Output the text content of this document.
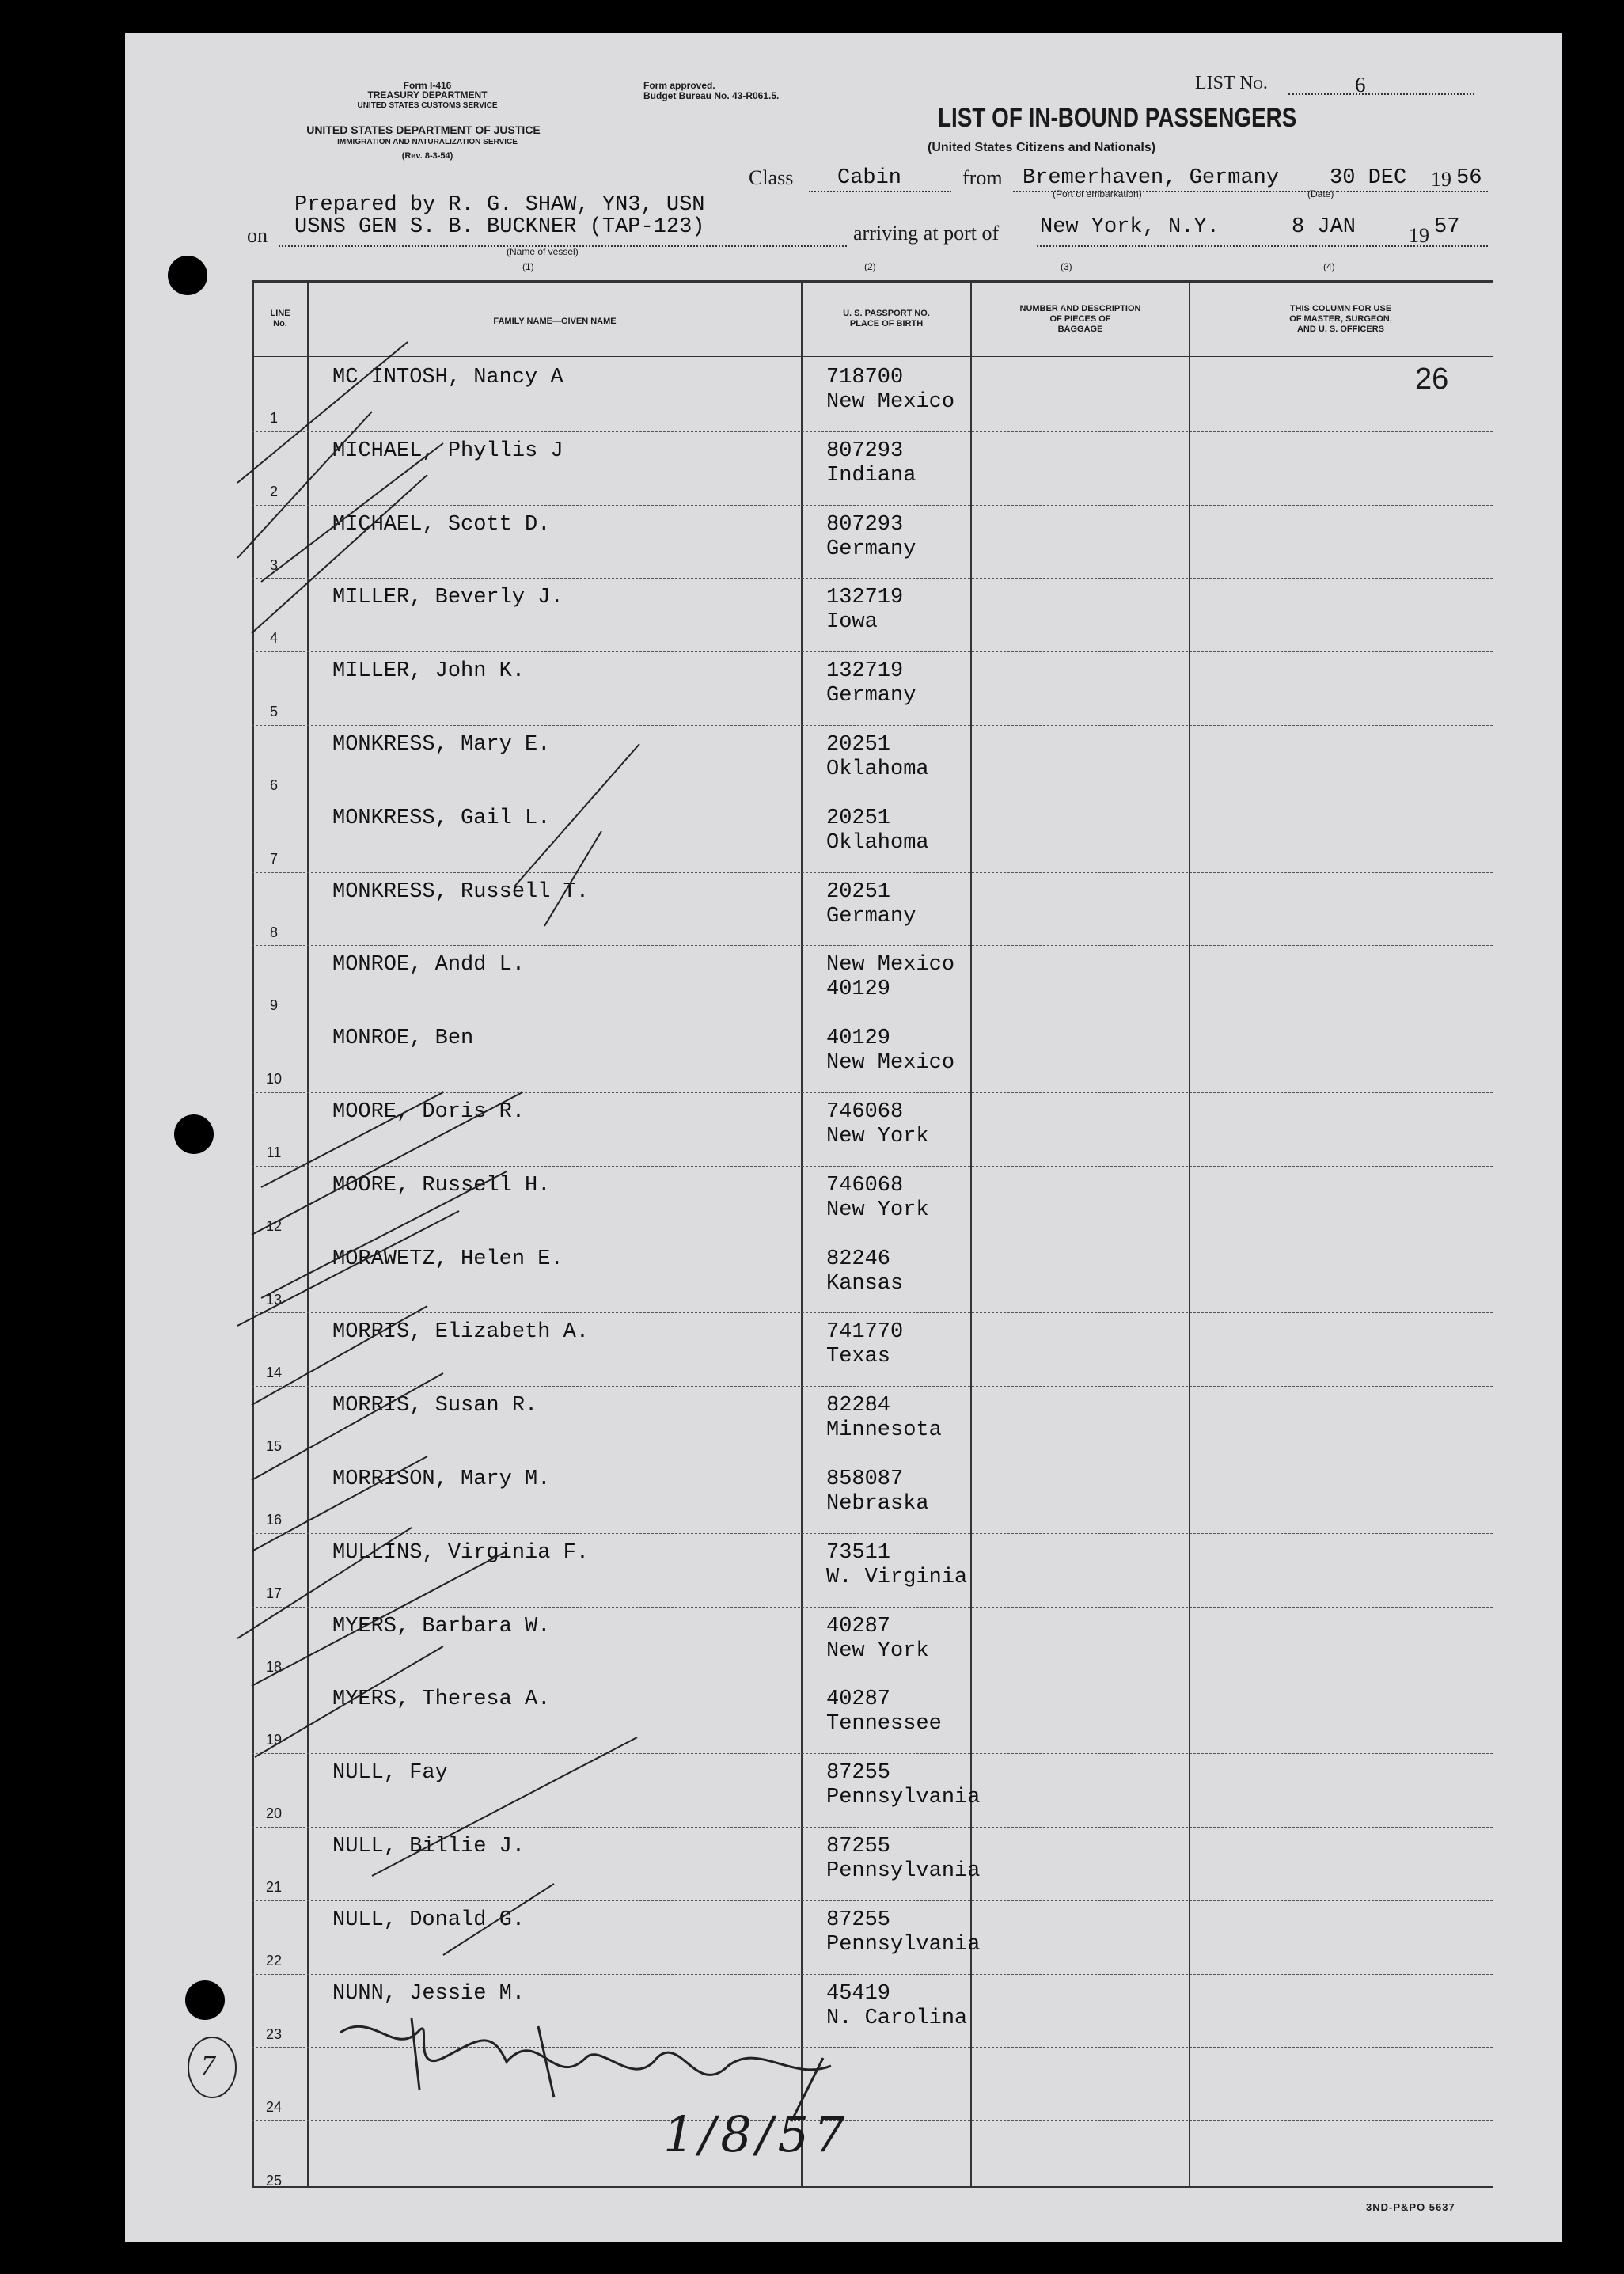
Form I-416
TREASURY DEPARTMENT
UNITED STATES CUSTOMS SERVICE
UNITED STATES DEPARTMENT OF JUSTICE
IMMIGRATION AND NATURALIZATION SERVICE
(Rev. 8-3-54)
Form approved.
Budget Bureau No. 43-R061.5.
LIST No.	6
LIST OF IN-BOUND PASSENGERS
(United States Citizens and Nationals)
Class Cabin	from Bremerhaven, Germany
(Port of embarkation)
30 DEC 19 56
(Date)
Prepared by R. G. SHAW, YN3, USN
on USNS GEN S. B. BUCKNER (TAP-123)
(Name of vessel)
arriving at port of New York, N.Y.	8 JAN	19 57
(1)	(2)	(3)	(4)
LINE
No.	FAMILY NAME—GIVEN NAME
U. S. PASSPORT NO.
PLACE OF BIRTH
NUMBER AND DESCRIPTION
OF PIECES OF
BAGGAGE
THIS COLUMN FOR USE
OF MASTER, SURGEON,
AND U. S. OFFICERS
1
MC INTOSH, Nancy A	718700
New Mexico
26
2
MICHAEL, Phyllis J	807293
Indiana
3
MICHAEL, Scott D.	807293
Germany
4
MILLER, Beverly J.	132719
Iowa
5
MILLER, John K.	132719
Germany
6
MONKRESS, Mary E.	20251
Oklahoma
7
MONKRESS, Gail L.	20251
Oklahoma
8
MONKRESS, Russell T.	20251
Germany
9
MONROE, Andd L.	New Mexico
40129
10
MONROE, Ben	40129
New Mexico
11
MOORE, Doris R.	746068
New York
12
MOORE, Russell H.	746068
New York
13
MORAWETZ, Helen E.	82246
Kansas
14
MORRIS, Elizabeth A.	741770
Texas
15
MORRIS, Susan R.	82284
Minnesota
16
MORRISON, Mary M.	858087
Nebraska
17
MULLINS, Virginia F.	73511
W. Virginia
18
MYERS, Barbara W.	40287
New York
19
MYERS, Theresa A.	40287
Tennessee
20
NULL, Fay	87255
Pennsylvania
21
NULL, Billie J.	87255
Pennsylvania
22
NULL, Donald G.	87255
Pennsylvania
23
NUNN, Jessie M.	45419
N. Carolina
24
25
7
1/8/57
3ND-P&PO 5637
